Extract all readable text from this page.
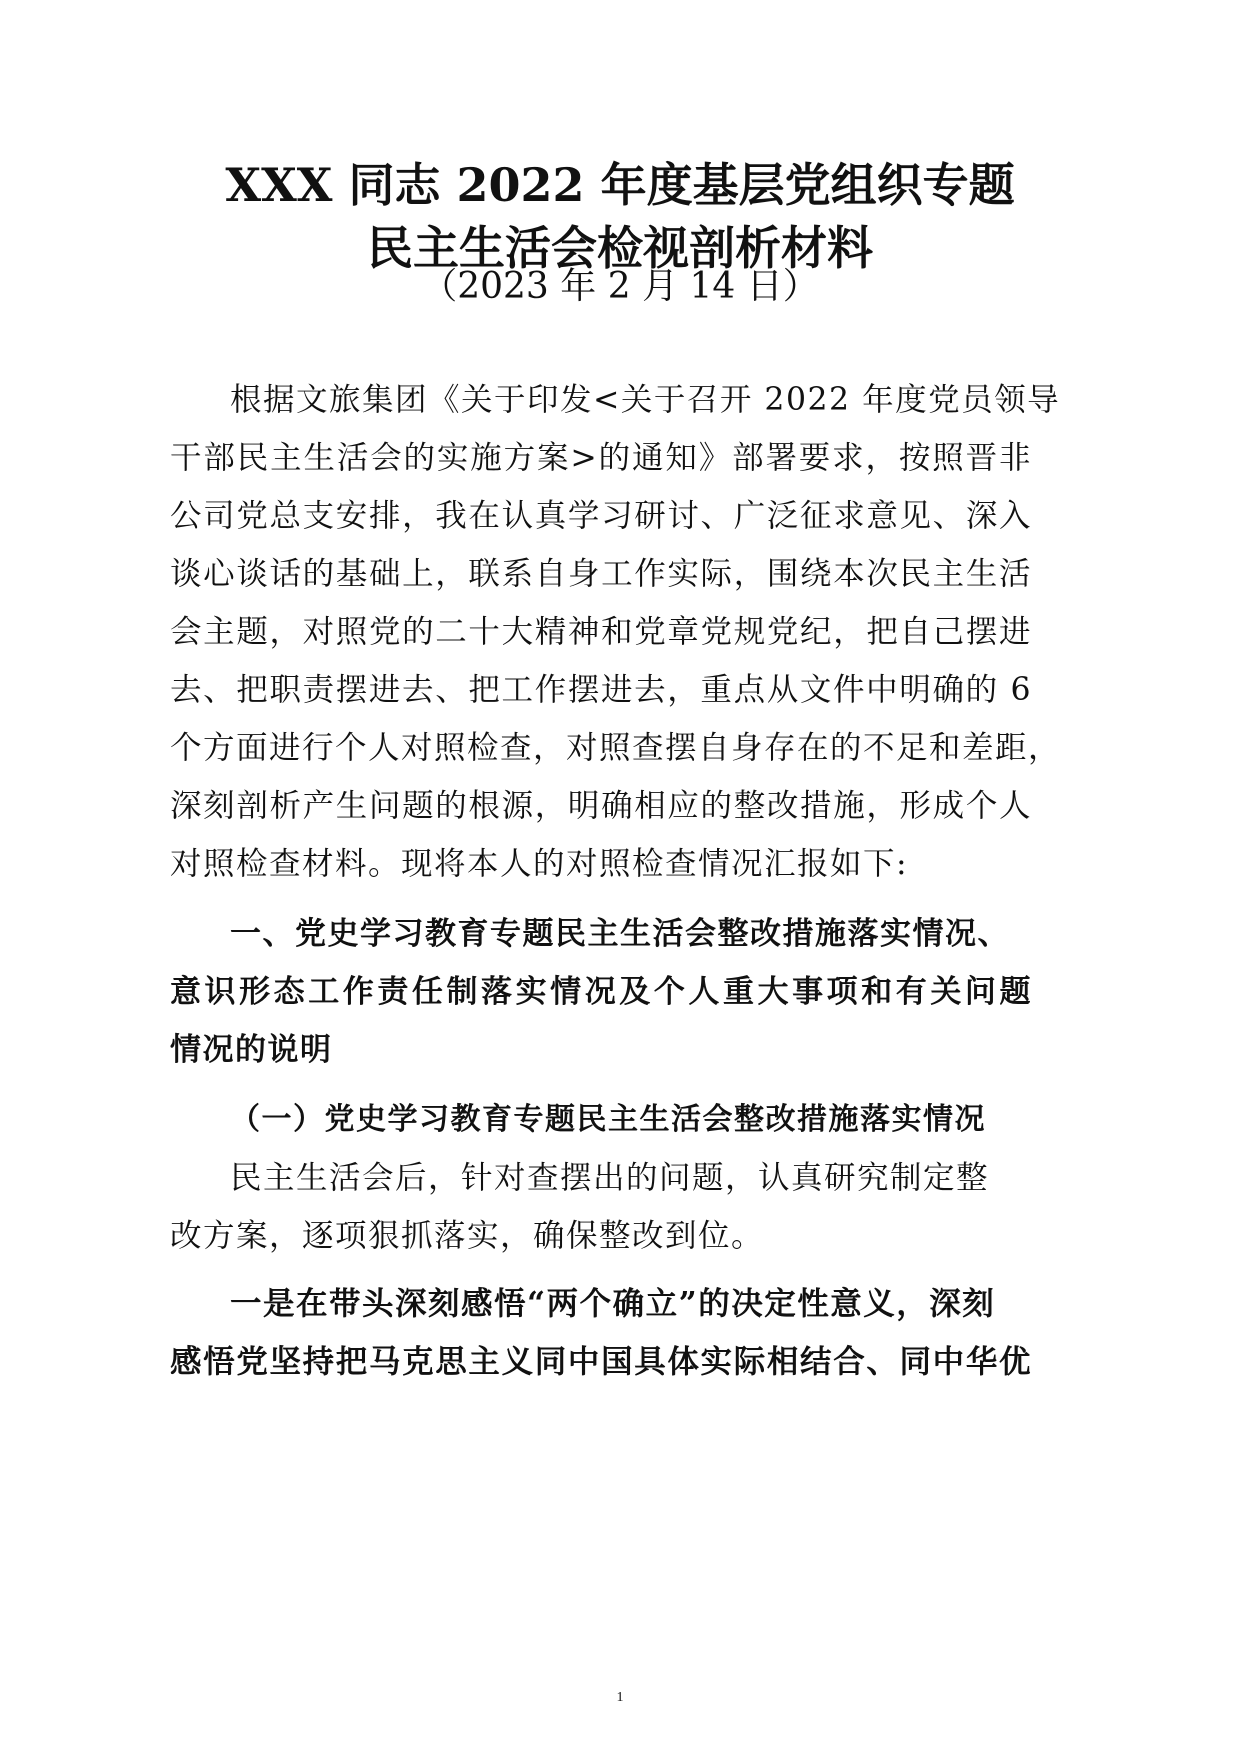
XXX 同志 2022 年度基层党组织专题
民主生活会检视剖析材料
（2023 年 2 月 14 日）
根据文旅集团《关于印发<关于召开 2022 年度党员领导
干部民主生活会的实施方案>的通知》部署要求，按照晋非
公司党总支安排，我在认真学习研讨、广泛征求意见、深入
谈心谈话的基础上，联系自身工作实际，围绕本次民主生活
会主题，对照党的二十大精神和党章党规党纪，把自己摆进
去、把职责摆进去、把工作摆进去，重点从文件中明确的 6
个方面进行个人对照检查，对照查摆自身存在的不足和差距，
深刻剖析产生问题的根源，明确相应的整改措施，形成个人
对照检查材料。现将本人的对照检查情况汇报如下:
一、党史学习教育专题民主生活会整改措施落实情况、
意识形态工作责任制落实情况及个人重大事项和有关问题
情况的说明
（一）党史学习教育专题民主生活会整改措施落实情况
民主生活会后，针对查摆出的问题，认真研究制定整
改方案，逐项狠抓落实，确保整改到位。
一是在带头深刻感悟“两个确立”的决定性意义，深刻
感悟党坚持把马克思主义同中国具体实际相结合、同中华优
1
